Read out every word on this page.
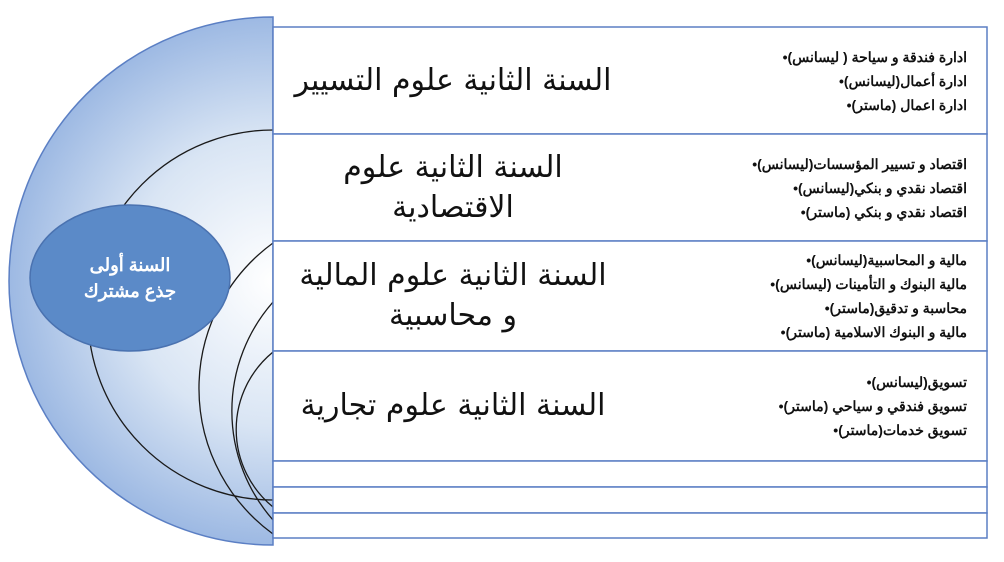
السنة أولى
جذع مشترك
السنة الثانية علوم التسيير
ادارة فندقة و سياحة ( ليسانس)•
ادارة أعمال(ليسانس)•
ادارة اعمال (ماستر)•
السنة الثانية علوم الاقتصادية
اقتصاد و تسيير المؤسسات(ليسانس)•
اقتصاد نقدي و بنكي(ليسانس)•
اقتصاد نقدي و بنكي (ماستر)•
السنة الثانية علوم المالية و محاسبية
مالية و المحاسبية(ليسانس)•
مالية البنوك و التأمينات (ليسانس)•
محاسبة و تدقيق(ماستر)•
مالية و البنوك الاسلامية (ماستر)•
السنة الثانية علوم تجارية
تسويق(ليسانس)•
تسويق فندقي و سياحي (ماستر)•
تسويق خدمات(ماستر)•
